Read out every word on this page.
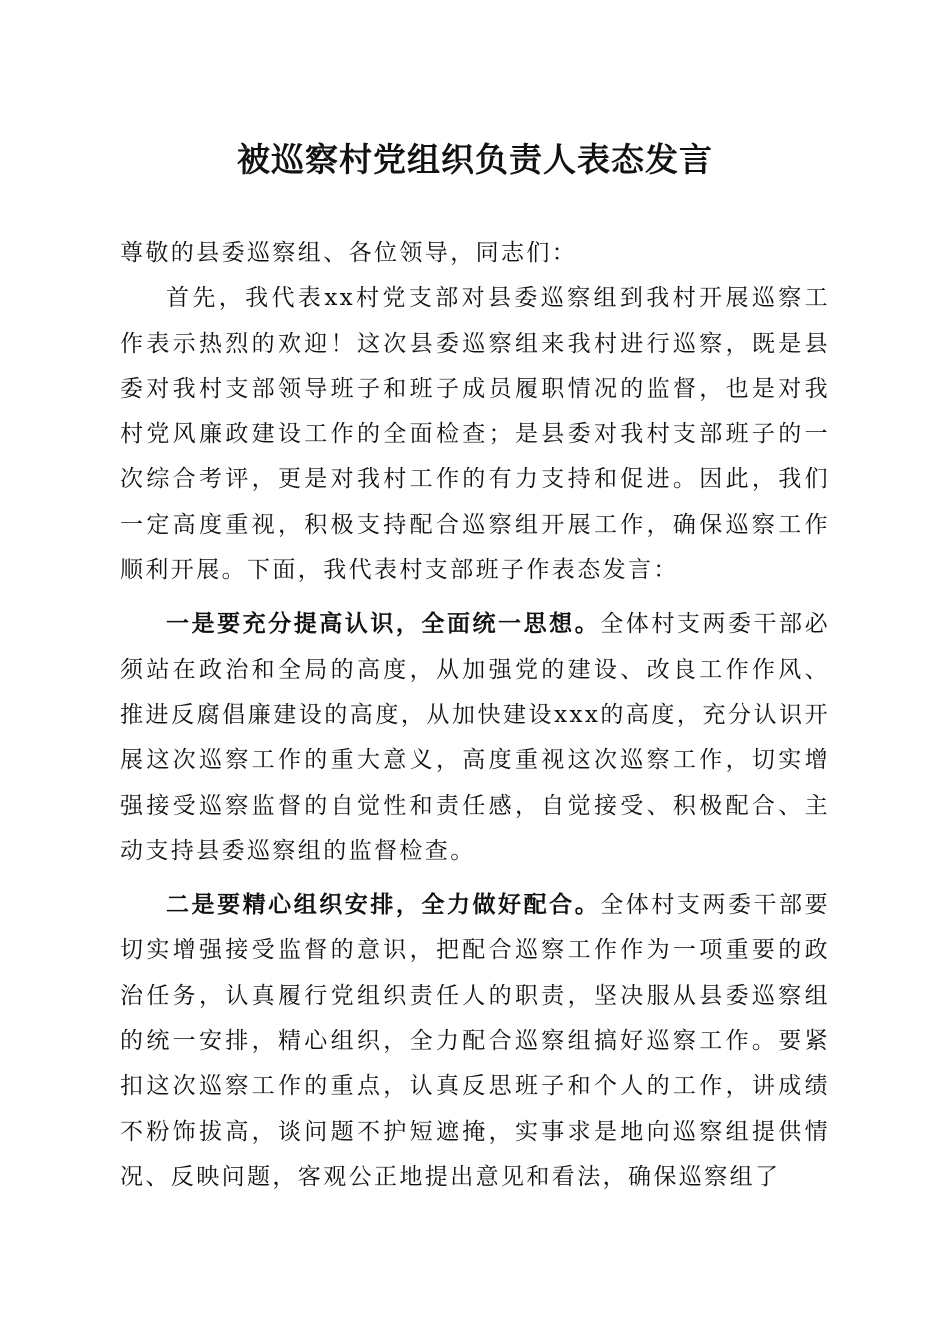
被巡察村党组织负责人表态发言

尊敬的县委巡察组、各位领导，同志们：

首先，我代表xx村党支部对县委巡察组到我村开展巡察工作表示热烈的欢迎！这次县委巡察组来我村进行巡察，既是县委对我村支部领导班子和班子成员履职情况的监督，也是对我村党风廉政建设工作的全面检查；是县委对我村支部班子的一次综合考评，更是对我村工作的有力支持和促进。因此，我们一定高度重视，积极支持配合巡察组开展工作，确保巡察工作顺利开展。下面，我代表村支部班子作表态发言：

一是要充分提高认识，全面统一思想。全体村支两委干部必须站在政治和全局的高度，从加强党的建设、改良工作作风、推进反腐倡廉建设的高度，从加快建设xxx的高度，充分认识开展这次巡察工作的重大意义，高度重视这次巡察工作，切实增强接受巡察监督的自觉性和责任感，自觉接受、积极配合、主动支持县委巡察组的监督检查。

二是要精心组织安排，全力做好配合。全体村支两委干部要切实增强接受监督的意识，把配合巡察工作作为一项重要的政治任务，认真履行党组织责任人的职责，坚决服从县委巡察组的统一安排，精心组织，全力配合巡察组搞好巡察工作。要紧扣这次巡察工作的重点，认真反思班子和个人的工作，讲成绩不粉饰拔高，谈问题不护短遮掩，实事求是地向巡察组提供情况、反映问题，客观公正地提出意见和看法，确保巡察组了
